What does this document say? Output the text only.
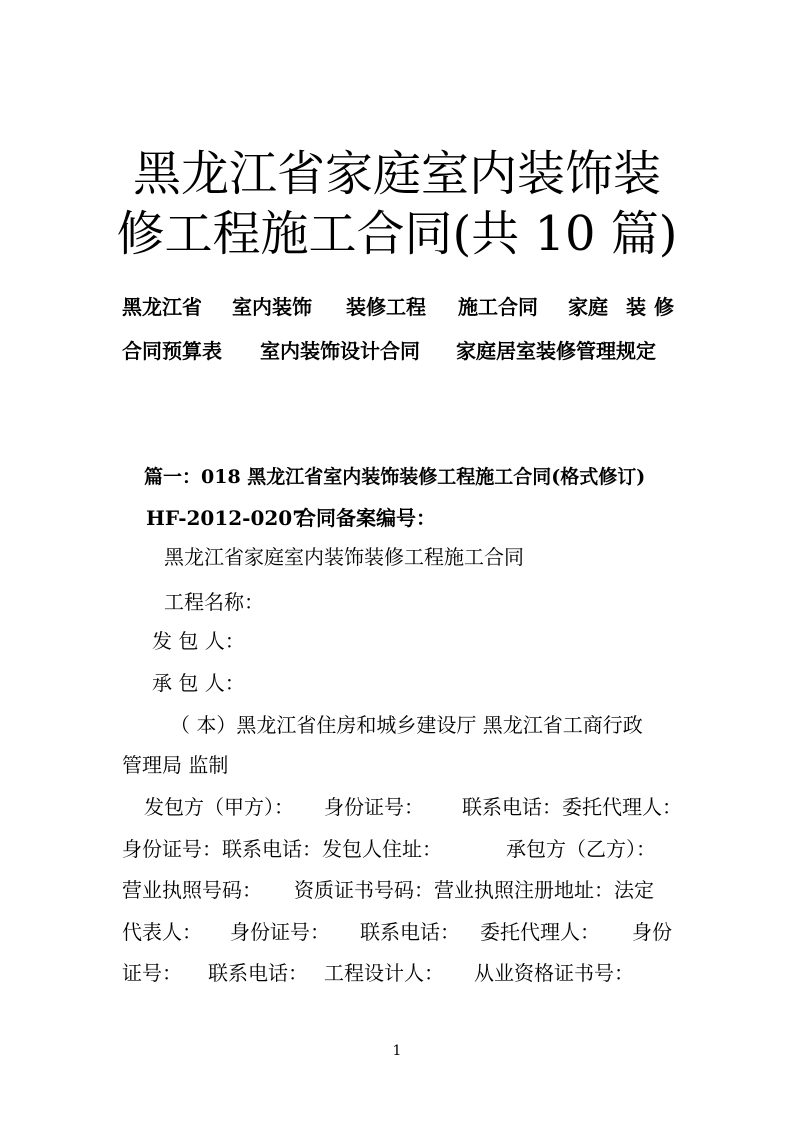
黑龙江省家庭室内装饰装
修工程施工合同(共 10 篇)
黑龙江省 室内装饰 装修工程 施工合同 家庭 装 修
合同预算表 室内装饰设计合同 家庭居室装修管理规定
篇一：018 黑龙江省室内装饰装修工程施工合同(格式修订)
HF-2012-0207
合同备案编号：
黑龙江省家庭室内装饰装修工程施工合同
工程名称：
发 包 人：
承 包 人：
（ 本）黑龙江省住房和城乡建设厅 黑龙江省工商行政
管理局 监制
发包方（甲方）： 身份证号： 联系电话：委托代理人：
身份证号：联系电话：发包人住址：	承包方（乙方）：
营业执照号码： 资质证书号码：营业执照注册地址：法定
代表人： 身份证号： 联系电话： 委托代理人： 身份
证号： 联系电话： 工程设计人： 从业资格证书号：
1
